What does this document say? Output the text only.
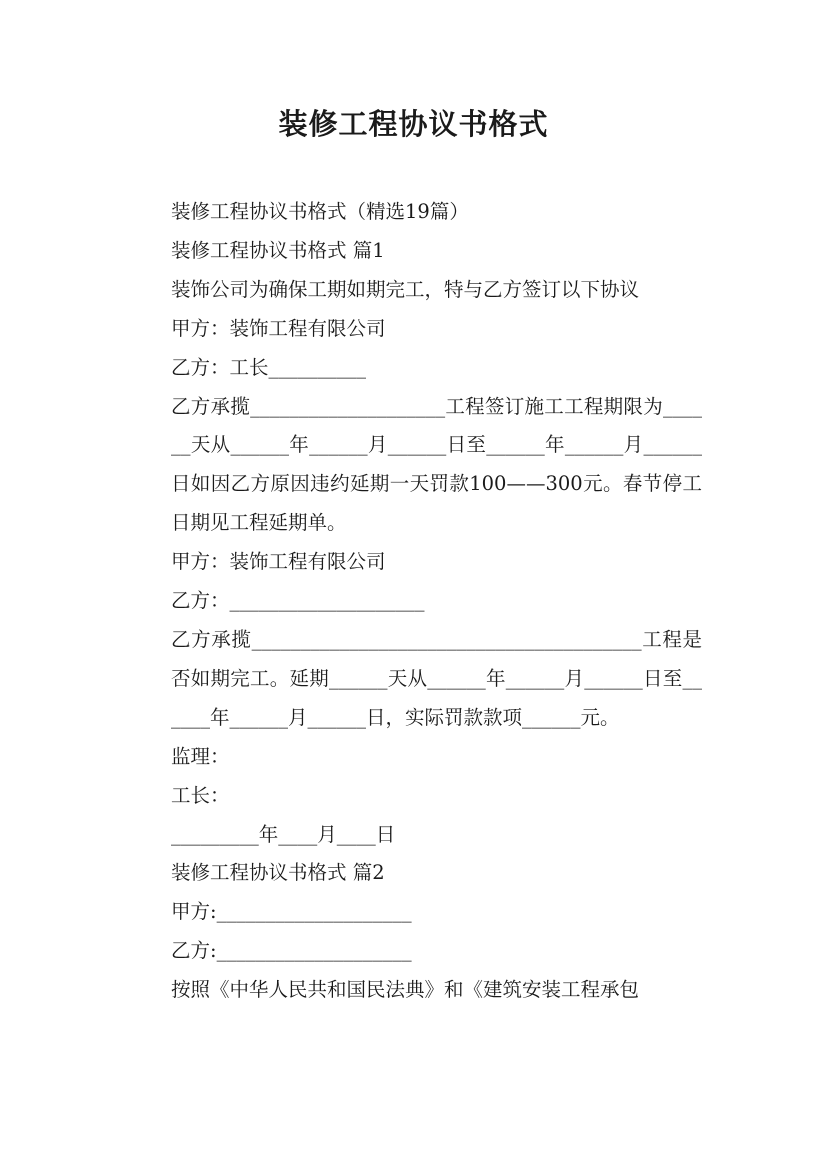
装修工程协议书格式

装修工程协议书格式（精选19篇）

装修工程协议书格式 篇1

装饰公司为确保工期如期完工，特与乙方签订以下协议

甲方：装饰工程有限公司

乙方：工长__________

乙方承揽____________________工程签订施工工程期限为______天从______年______月______日至______年______月______日如因乙方原因违约延期一天罚款100——300元。春节停工日期见工程延期单。

甲方：装饰工程有限公司

乙方：____________________

乙方承揽________________________________________工程是否如期完工。延期______天从______年______月______日至______年______月______日，实际罚款款项______元。

监理：

工长：

_________年____月____日

装修工程协议书格式 篇2

甲方:____________________

乙方:____________________

按照《中华人民共和国民法典》和《建筑安装工程承包
